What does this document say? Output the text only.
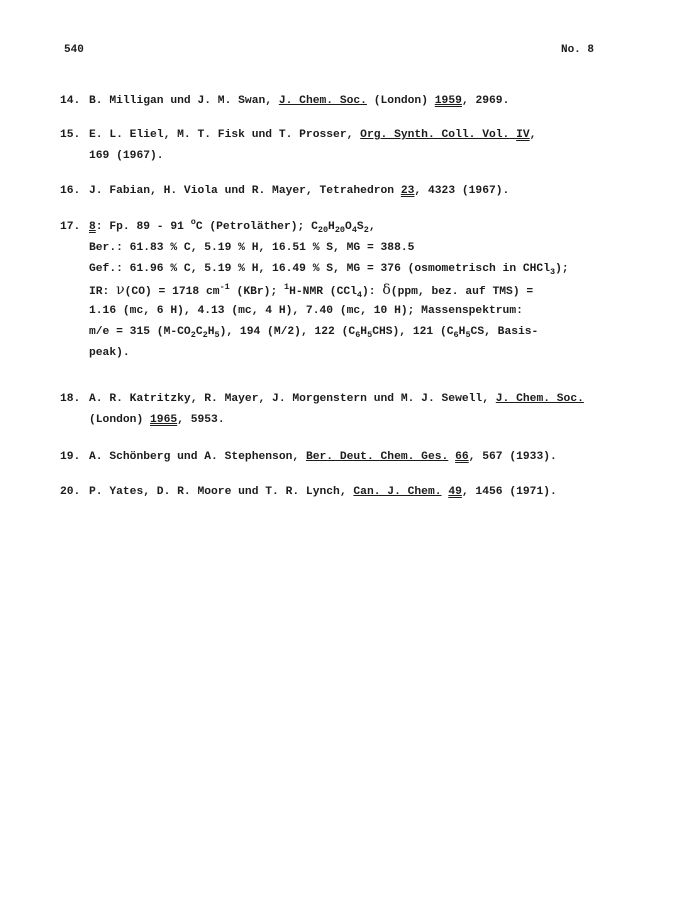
540	No. 8
14. B. Milligan und J. M. Swan, J. Chem. Soc. (London) 1959, 2969.
15. E. L. Eliel, M. T. Fisk und T. Prosser, Org. Synth. Coll. Vol. IV,
169 (1967).
16. J. Fabian, H. Viola und R. Mayer, Tetrahedron 23, 4323 (1967).
17. 8: Fp. 89 - 91 $^o$C (Petroläther); $C_{20}H_{20}O_4S_2$,
Ber.: 61.83 % C, 5.19 % H, 16.51 % S, MG = 388.5
Gef.: 61.96 % C, 5.19 % H, 16.49 % S, MG = 376 (osmometrisch in CHCl$_3$);
IR: ν(CO) = 1718 $cm^{-1}$ (KBr); $^1$H-NMR (CCl$_4$): δ(ppm, bez. auf TMS) =
1.16 (mc, 6 H), 4.13 (mc, 4 H), 7.40 (mc, 10 H); Massenspektrum:
m/e = 315 $(M-CO_2C_2H_5)$, 194 (M/2), 122 $(C_6H_5CHS)$, 121 ($C_6H_5CS$, Basis-
peak).
18. A. R. Katritzky, R. Mayer, J. Morgenstern und M. J. Sewell, J. Chem. Soc.
(London) 1965, 5953.
19. A. Schönberg und A. Stephenson, Ber. Deut. Chem. Ges. 66, 567 (1933).
20. P. Yates, D. R. Moore und T. R. Lynch, Can. J. Chem. 49, 1456 (1971).
